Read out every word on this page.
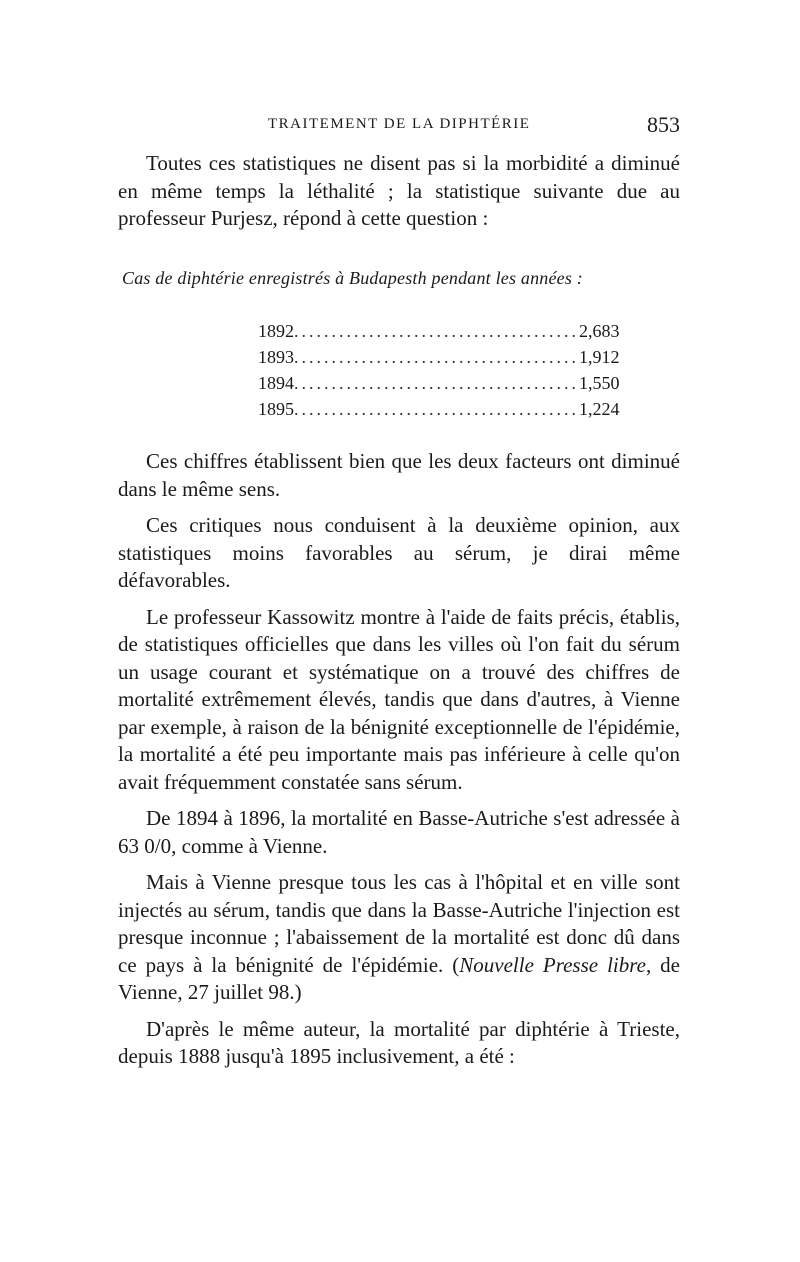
TRAITEMENT DE LA DIPHTÉRIE	853

Toutes ces statistiques ne disent pas si la morbidité a diminué en même temps la léthalité ; la statistique suivante due au professeur Purjesz, répond à cette question :

Cas de diphtérie enregistrés à Budapesth pendant les années :
1892 ...................................... 2,683
1893 ...................................... 1,912
1894 ...................................... 1,550
1895 ...................................... 1,224

Ces chiffres établissent bien que les deux facteurs ont diminué dans le même sens.

Ces critiques nous conduisent à la deuxième opinion, aux statistiques moins favorables au sérum, je dirai même défavorables.

Le professeur Kassowitz montre à l'aide de faits précis, établis, de statistiques officielles que dans les villes où l'on fait du sérum un usage courant et systématique on a trouvé des chiffres de mortalité extrêmement élevés, tandis que dans d'autres, à Vienne par exemple, à raison de la bénignité exceptionnelle de l'épidémie, la mortalité a été peu importante mais pas inférieure à celle qu'on avait fréquemment constatée sans sérum.

De 1894 à 1896, la mortalité en Basse-Autriche s'est adressée à 63 0/0, comme à Vienne.

Mais à Vienne presque tous les cas à l'hôpital et en ville sont injectés au sérum, tandis que dans la Basse-Autriche l'injection est presque inconnue ; l'abaissement de la mortalité est donc dû dans ce pays à la bénignité de l'épidémie. (Nouvelle Presse libre, de Vienne, 27 juillet 98.)

D'après le même auteur, la mortalité par diphtérie à Trieste, depuis 1888 jusqu'à 1895 inclusivement, a été :
